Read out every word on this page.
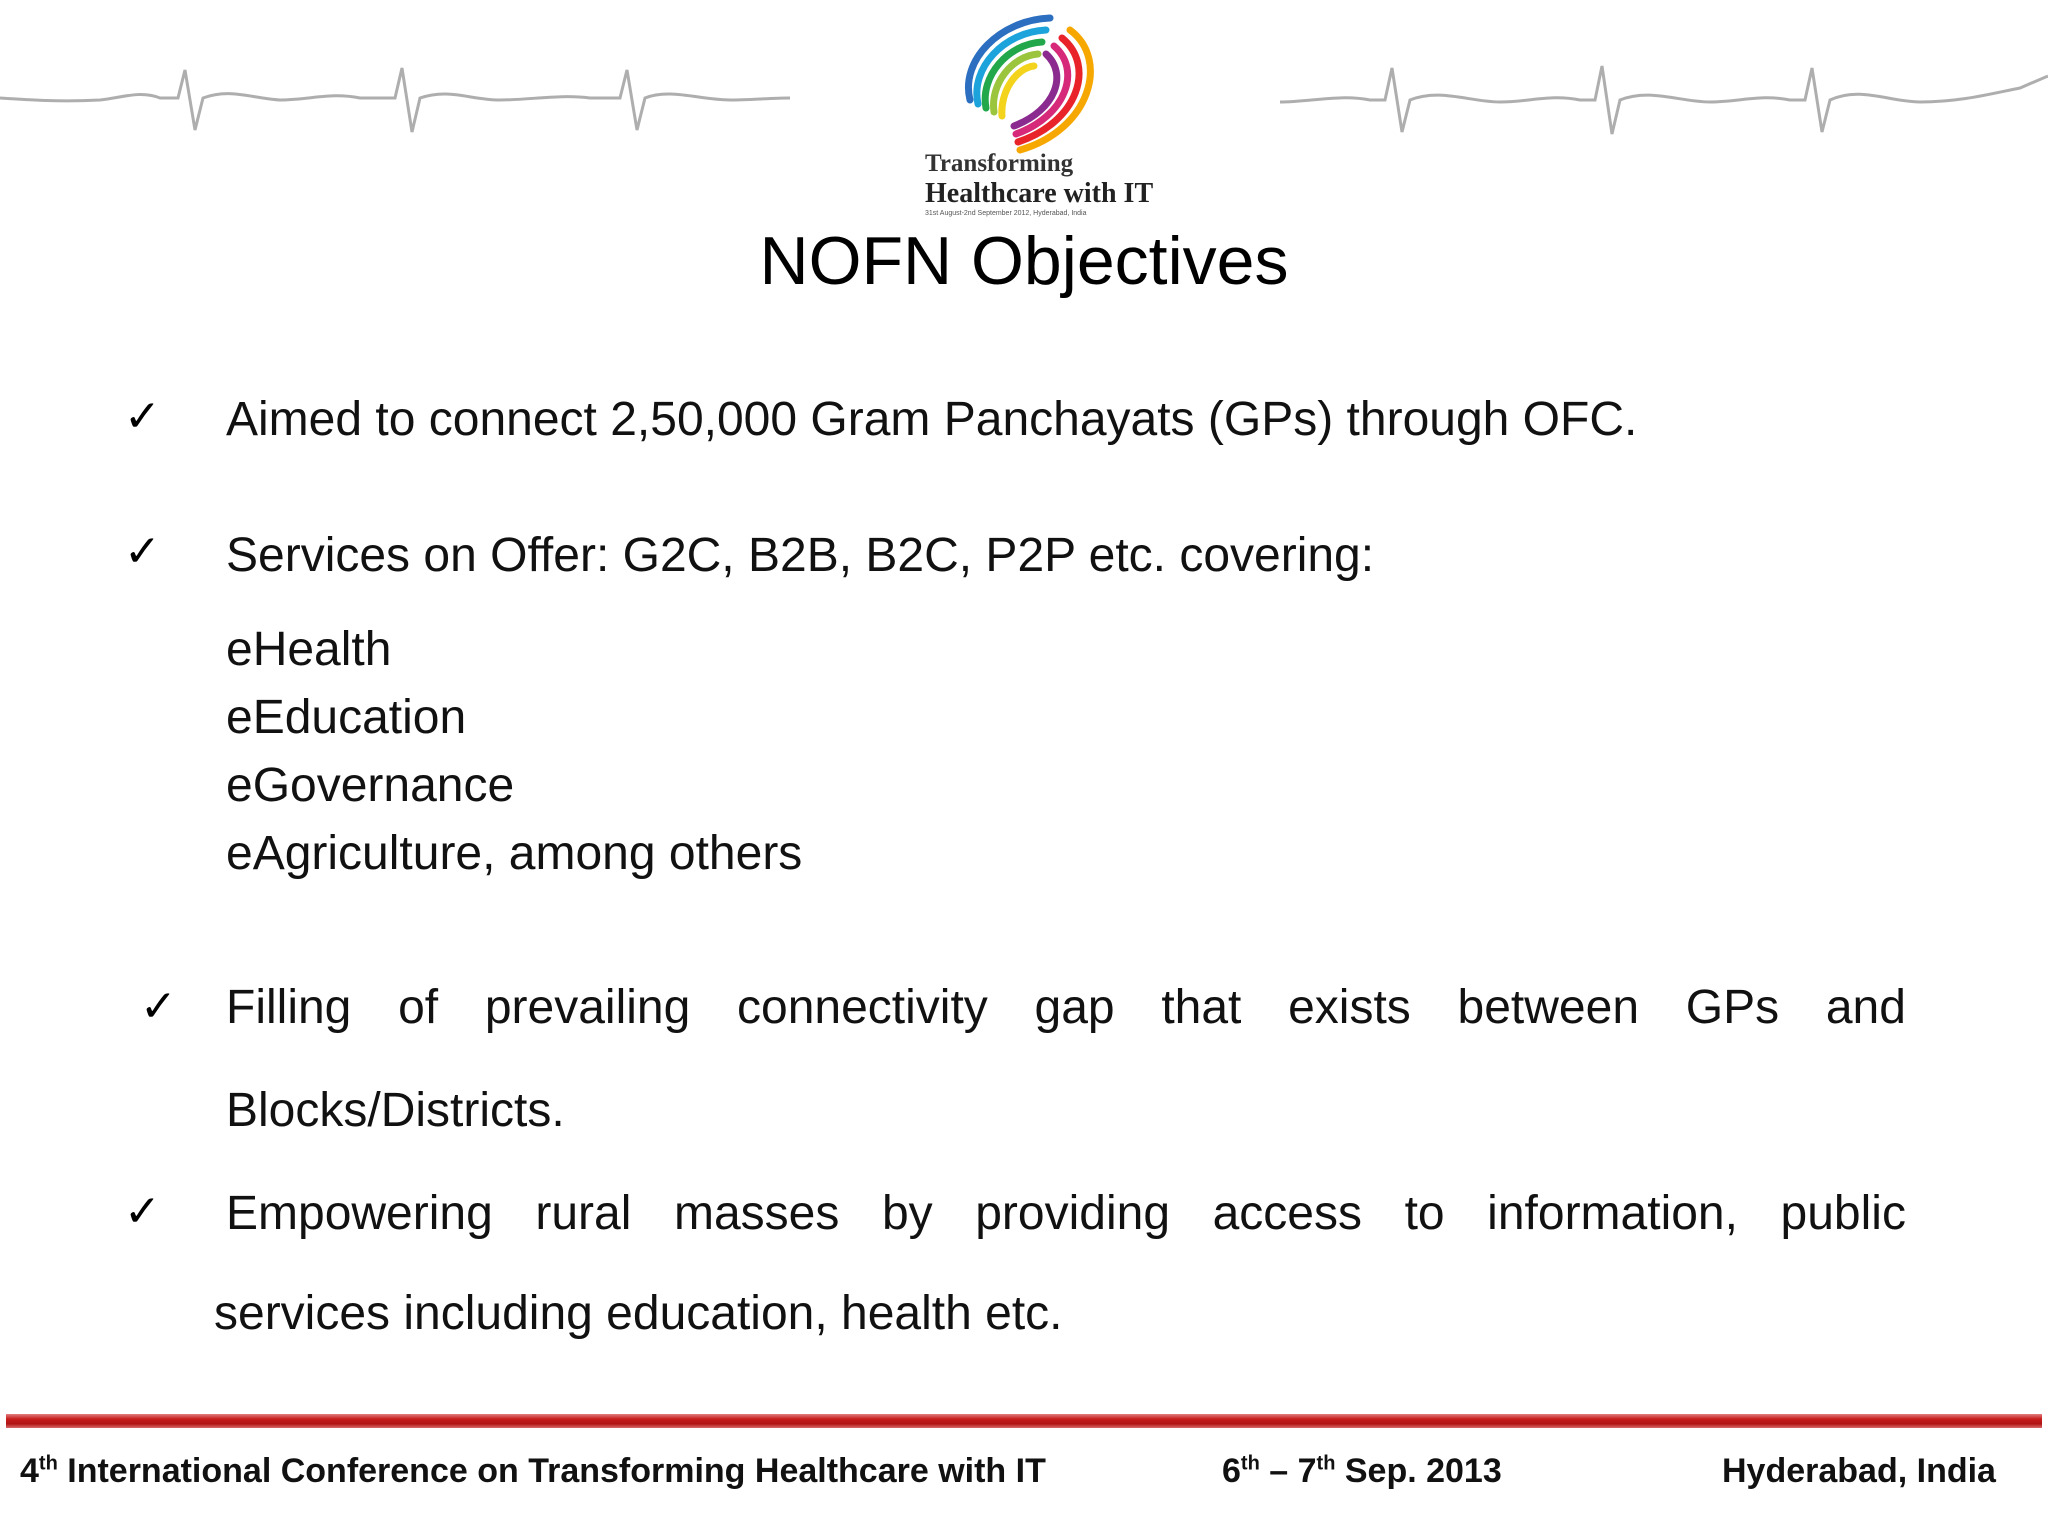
Transforming
Healthcare with IT
31st August-2nd September 2012, Hyderabad, India
NOFN Objectives
✓ Aimed to connect 2,50,000 Gram Panchayats (GPs) through OFC.
✓ Services on Offer: G2C, B2B, B2C, P2P etc. covering:
eHealth
eEducation
eGovernance
eAgriculture, among others
✓ Filling of prevailing connectivity gap that exists between GPs and
Blocks/Districts.
✓ Empowering rural masses by providing access to information, public
services including education, health etc.
4th International Conference on Transforming Healthcare with IT	6th – 7th Sep. 2013	Hyderabad, India
